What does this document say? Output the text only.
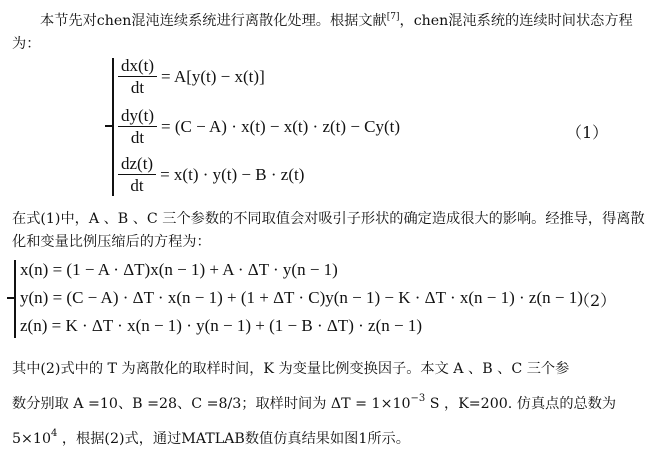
本节先对chen混沌连续系统进行离散化处理。根据文献[7]，chen混沌系统的连续时间状态方程为：
$\frac{dx(t)}{dt} = A[y(t) - x(t)]$
$\frac{dy(t)}{dt} = (C - A) \cdot x(t) - x(t) \cdot z(t) - Cy(t)$
$\frac{dz(t)}{dt} = x(t) \cdot y(t) - B \cdot z(t)$
（1）
在式(1)中，A 、B 、C 三个参数的不同取值会对吸引子形状的确定造成很大的影响。经推导，得离散化和变量比例压缩后的方程为：
x(n) = (1 − A · ΔT)x(n − 1) + A · ΔT · y(n − 1)
y(n) = (C − A) · ΔT · x(n − 1) + (1 + ΔT · C)y(n − 1) − K · ΔT · x(n − 1) · z(n − 1)
z(n) = K · ΔT · x(n − 1) · y(n − 1) + (1 − B · ΔT) · z(n − 1)
（2）
其中(2)式中的 T 为离散化的取样时间，K 为变量比例变换因子。本文 A 、B 、C 三个参
数分别取 A =10、B =28、C =8/3；取样时间为 $\Delta T = 1\times 10^{-3}$ S ，K=200. 仿真点的总数为
$5\times 10^4$ ，根据(2)式，通过MATLAB数值仿真结果如图1所示。
